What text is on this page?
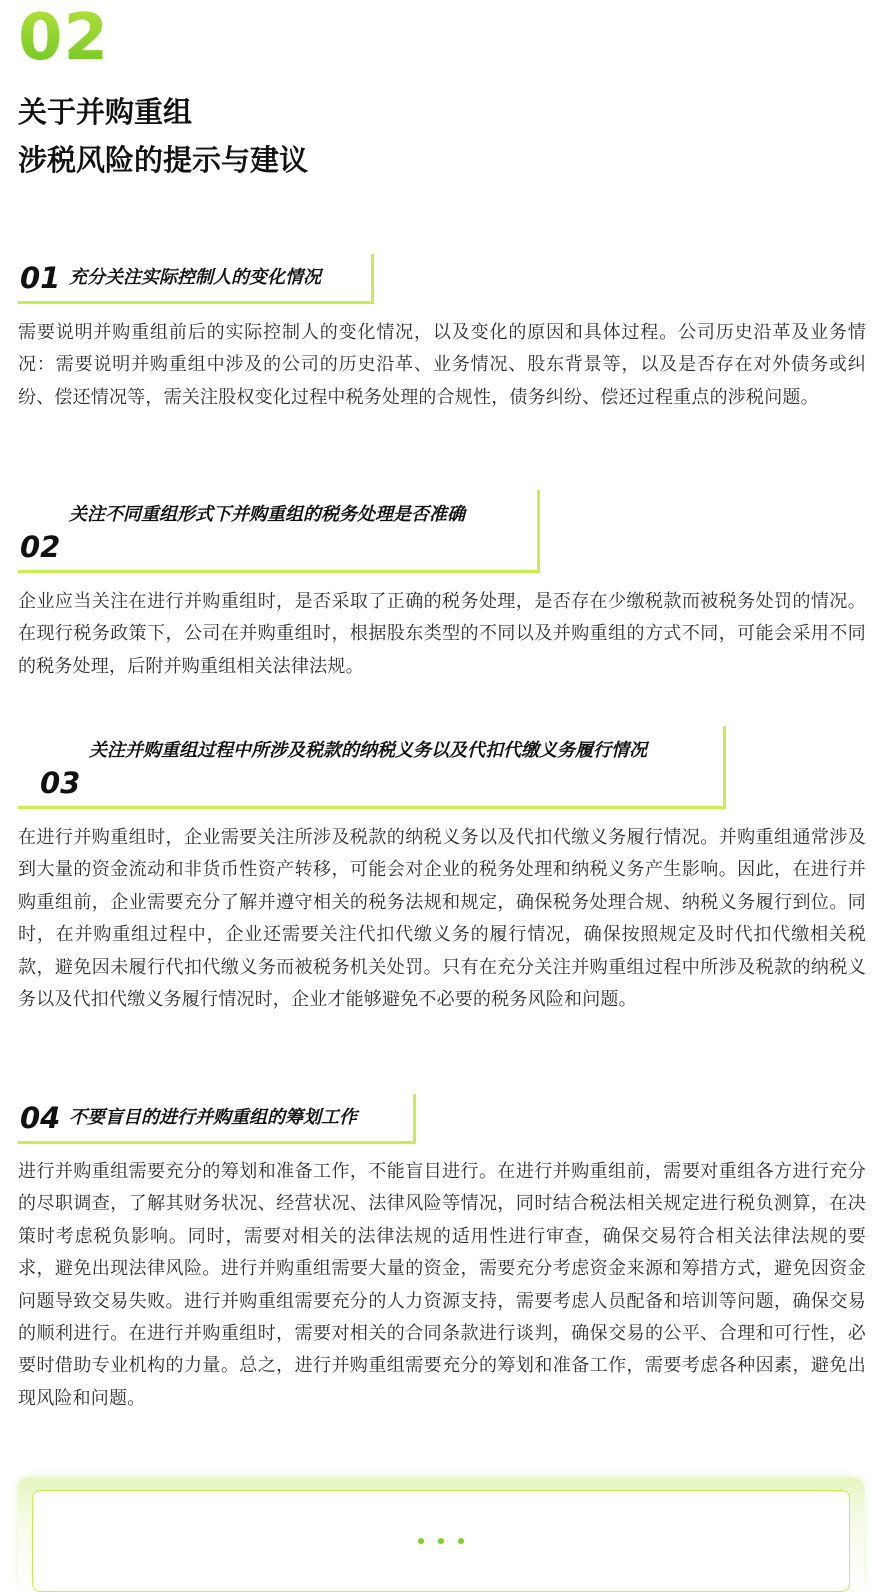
02
关于并购重组
涉税风险的提示与建议
01 充分关注实际控制人的变化情况

需要说明并购重组前后的实际控制人的变化情况，以及变化的原因和具体过程。公司历史沿革及业务情况：需要说明并购重组中涉及的公司的历史沿革、业务情况、股东背景等，以及是否存在对外债务或纠纷、偿还情况等，需关注股权变化过程中税务处理的合规性，债务纠纷、偿还过程重点的涉税问题。

02
关注不同重组形式下并购重组的税务处理是否准确

企业应当关注在进行并购重组时，是否采取了正确的税务处理，是否存在少缴税款而被税务处罚的情况。在现行税务政策下，公司在并购重组时，根据股东类型的不同以及并购重组的方式不同，可能会采用不同的税务处理，后附并购重组相关法律法规。

03
关注并购重组过程中所涉及税款的纳税义务以及代扣代缴义务履行情况

在进行并购重组时，企业需要关注所涉及税款的纳税义务以及代扣代缴义务履行情况。并购重组通常涉及到大量的资金流动和非货币性资产转移，可能会对企业的税务处理和纳税义务产生影响。因此，在进行并购重组前，企业需要充分了解并遵守相关的税务法规和规定，确保税务处理合规、纳税义务履行到位。同时，在并购重组过程中，企业还需要关注代扣代缴义务的履行情况，确保按照规定及时代扣代缴相关税款，避免因未履行代扣代缴义务而被税务机关处罚。只有在充分关注并购重组过程中所涉及税款的纳税义务以及代扣代缴义务履行情况时，企业才能够避免不必要的税务风险和问题。

04 不要盲目的进行并购重组的筹划工作

进行并购重组需要充分的筹划和准备工作，不能盲目进行。在进行并购重组前，需要对重组各方进行充分的尽职调查，了解其财务状况、经营状况、法律风险等情况，同时结合税法相关规定进行税负测算，在决策时考虑税负影响。同时，需要对相关的法律法规的适用性进行审查，确保交易符合相关法律法规的要求，避免出现法律风险。进行并购重组需要大量的资金，需要充分考虑资金来源和筹措方式，避免因资金问题导致交易失败。进行并购重组需要充分的人力资源支持，需要考虑人员配备和培训等问题，确保交易的顺利进行。在进行并购重组时，需要对相关的合同条款进行谈判，确保交易的公平、合理和可行性，必要时借助专业机构的力量。总之，进行并购重组需要充分的筹划和准备工作，需要考虑各种因素，避免出现风险和问题。
